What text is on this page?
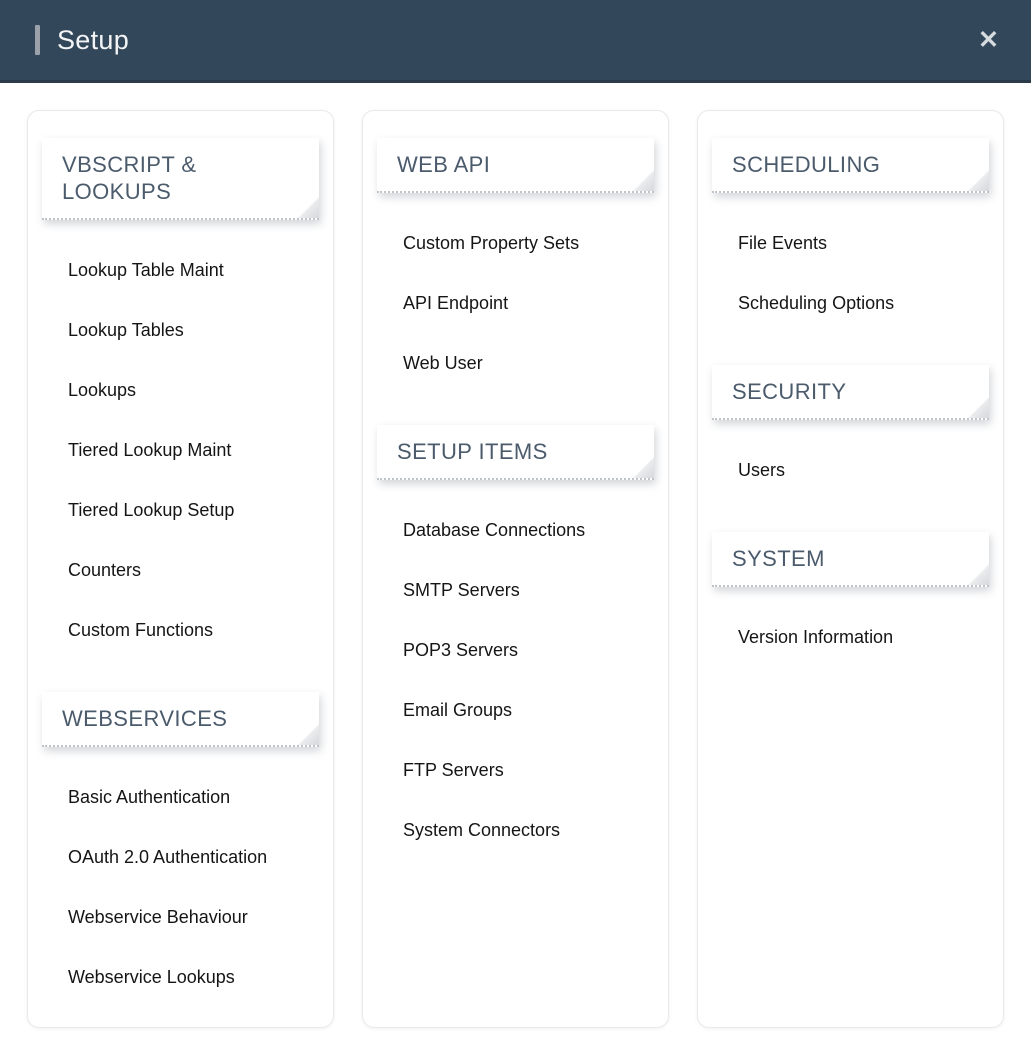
Setup	✕
VBSCRIPT & LOOKUPS
Lookup Table Maint
Lookup Tables
Lookups
Tiered Lookup Maint
Tiered Lookup Setup
Counters
Custom Functions
WEBSERVICES
Basic Authentication
OAuth 2.0 Authentication
Webservice Behaviour
Webservice Lookups
WEB API
Custom Property Sets
API Endpoint
Web User
SETUP ITEMS
Database Connections
SMTP Servers
POP3 Servers
Email Groups
FTP Servers
System Connectors
SCHEDULING
File Events
Scheduling Options
SECURITY
Users
SYSTEM
Version Information
